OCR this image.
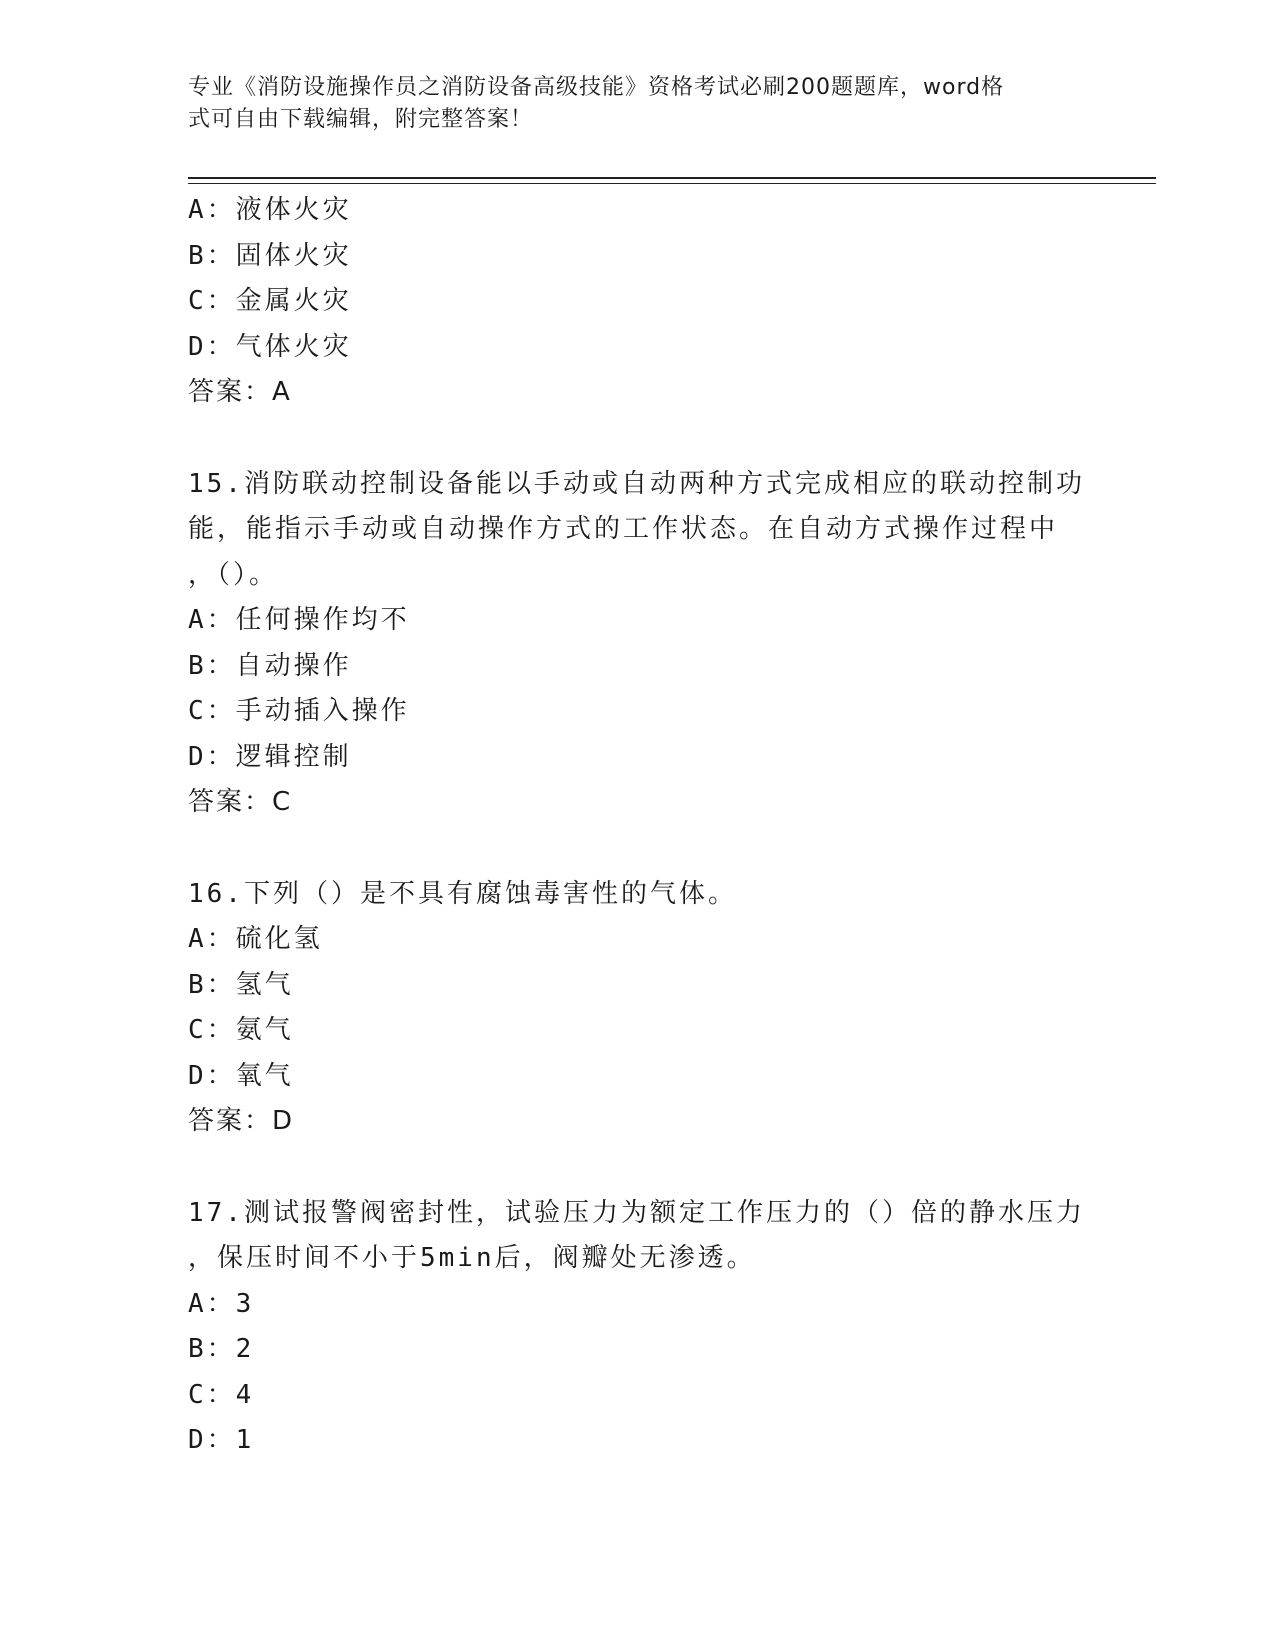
专业《消防设施操作员之消防设备高级技能》资格考试必刷200题题库，word格
式可自由下载编辑，附完整答案！
A：液体火灾
B：固体火灾
C：金属火灾
D：气体火灾
答案：A
15.消防联动控制设备能以手动或自动两种方式完成相应的联动控制功
能，能指示手动或自动操作方式的工作状态。在自动方式操作过程中
，（）。
A：任何操作均不
B：自动操作
C：手动插入操作
D：逻辑控制
答案：C
16.下列（）是不具有腐蚀毒害性的气体。
A：硫化氢
B：氢气
C：氨气
D：氧气
答案：D
17.测试报警阀密封性，试验压力为额定工作压力的（）倍的静水压力
，保压时间不小于5min后，阀瓣处无渗透。
A：3
B：2
C：4
D：1
